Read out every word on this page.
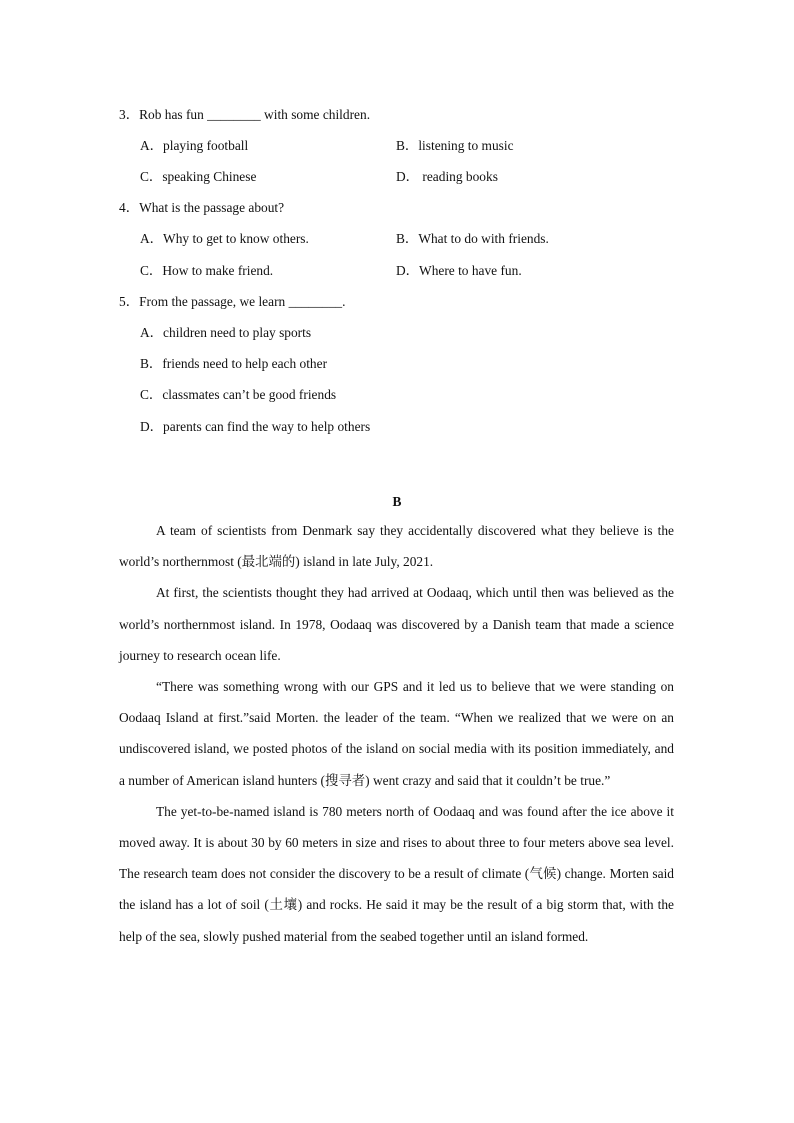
3．Rob has fun ________ with some children.
A．playing football	B．listening to music
C．speaking Chinese	D． reading books
4．What is the passage about?
A．Why to get to know others.	B．What to do with friends.
C．How to make friend.	D．Where to have fun.
5．From the passage, we learn ________.
A．children need to play sports
B．friends need to help each other
C．classmates can’t be good friends
D．parents can find the way to help others
B

A team of scientists from Denmark say they accidentally discovered what they believe is the world’s northernmost (最北端的) island in late July, 2021.

At first, the scientists thought they had arrived at Oodaaq, which until then was believed as the world’s northernmost island. In 1978, Oodaaq was discovered by a Danish team that made a science journey to research ocean life.

“There was something wrong with our GPS and it led us to believe that we were standing on Oodaaq Island at first.”said Morten. the leader of the team. “When we realized that we were on an undiscovered island, we posted photos of the island on social media with its position immediately, and a number of American island hunters (搜寻者) went crazy and said that it couldn’t be true.”

The yet-to-be-named island is 780 meters north of Oodaaq and was found after the ice above it moved away. It is about 30 by 60 meters in size and rises to about three to four meters above sea level. The research team does not consider the discovery to be a result of climate (气候) change. Morten said the island has a lot of soil (土壤) and rocks. He said it may be the result of a big storm that, with the help of the sea, slowly pushed material from the seabed together until an island formed.
